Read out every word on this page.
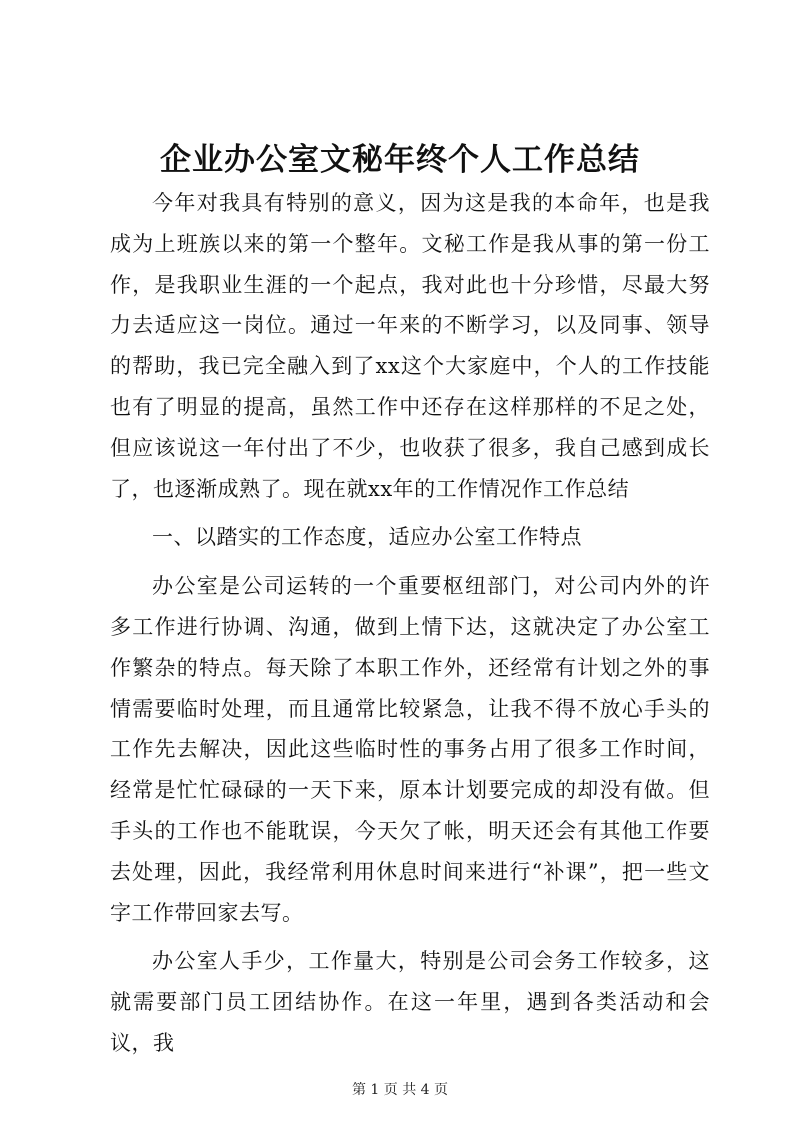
企业办公室文秘年终个人工作总结

今年对我具有特别的意义，因为这是我的本命年，也是我成为上班族以来的第一个整年。文秘工作是我从事的第一份工作，是我职业生涯的一个起点，我对此也十分珍惜，尽最大努力去适应这一岗位。通过一年来的不断学习，以及同事、领导的帮助，我已完全融入到了xx这个大家庭中，个人的工作技能也有了明显的提高，虽然工作中还存在这样那样的不足之处，但应该说这一年付出了不少，也收获了很多，我自己感到成长了，也逐渐成熟了。现在就xx年的工作情况作工作总结

一、以踏实的工作态度，适应办公室工作特点

办公室是公司运转的一个重要枢纽部门，对公司内外的许多工作进行协调、沟通，做到上情下达，这就决定了办公室工作繁杂的特点。每天除了本职工作外，还经常有计划之外的事情需要临时处理，而且通常比较紧急，让我不得不放心手头的工作先去解决，因此这些临时性的事务占用了很多工作时间，经常是忙忙碌碌的一天下来，原本计划要完成的却没有做。但手头的工作也不能耽误，今天欠了帐，明天还会有其他工作要去处理，因此，我经常利用休息时间来进行“补课”，把一些文字工作带回家去写。

办公室人手少，工作量大，特别是公司会务工作较多，这就需要部门员工团结协作。在这一年里，遇到各类活动和会议，我

第 1 页 共 4 页
